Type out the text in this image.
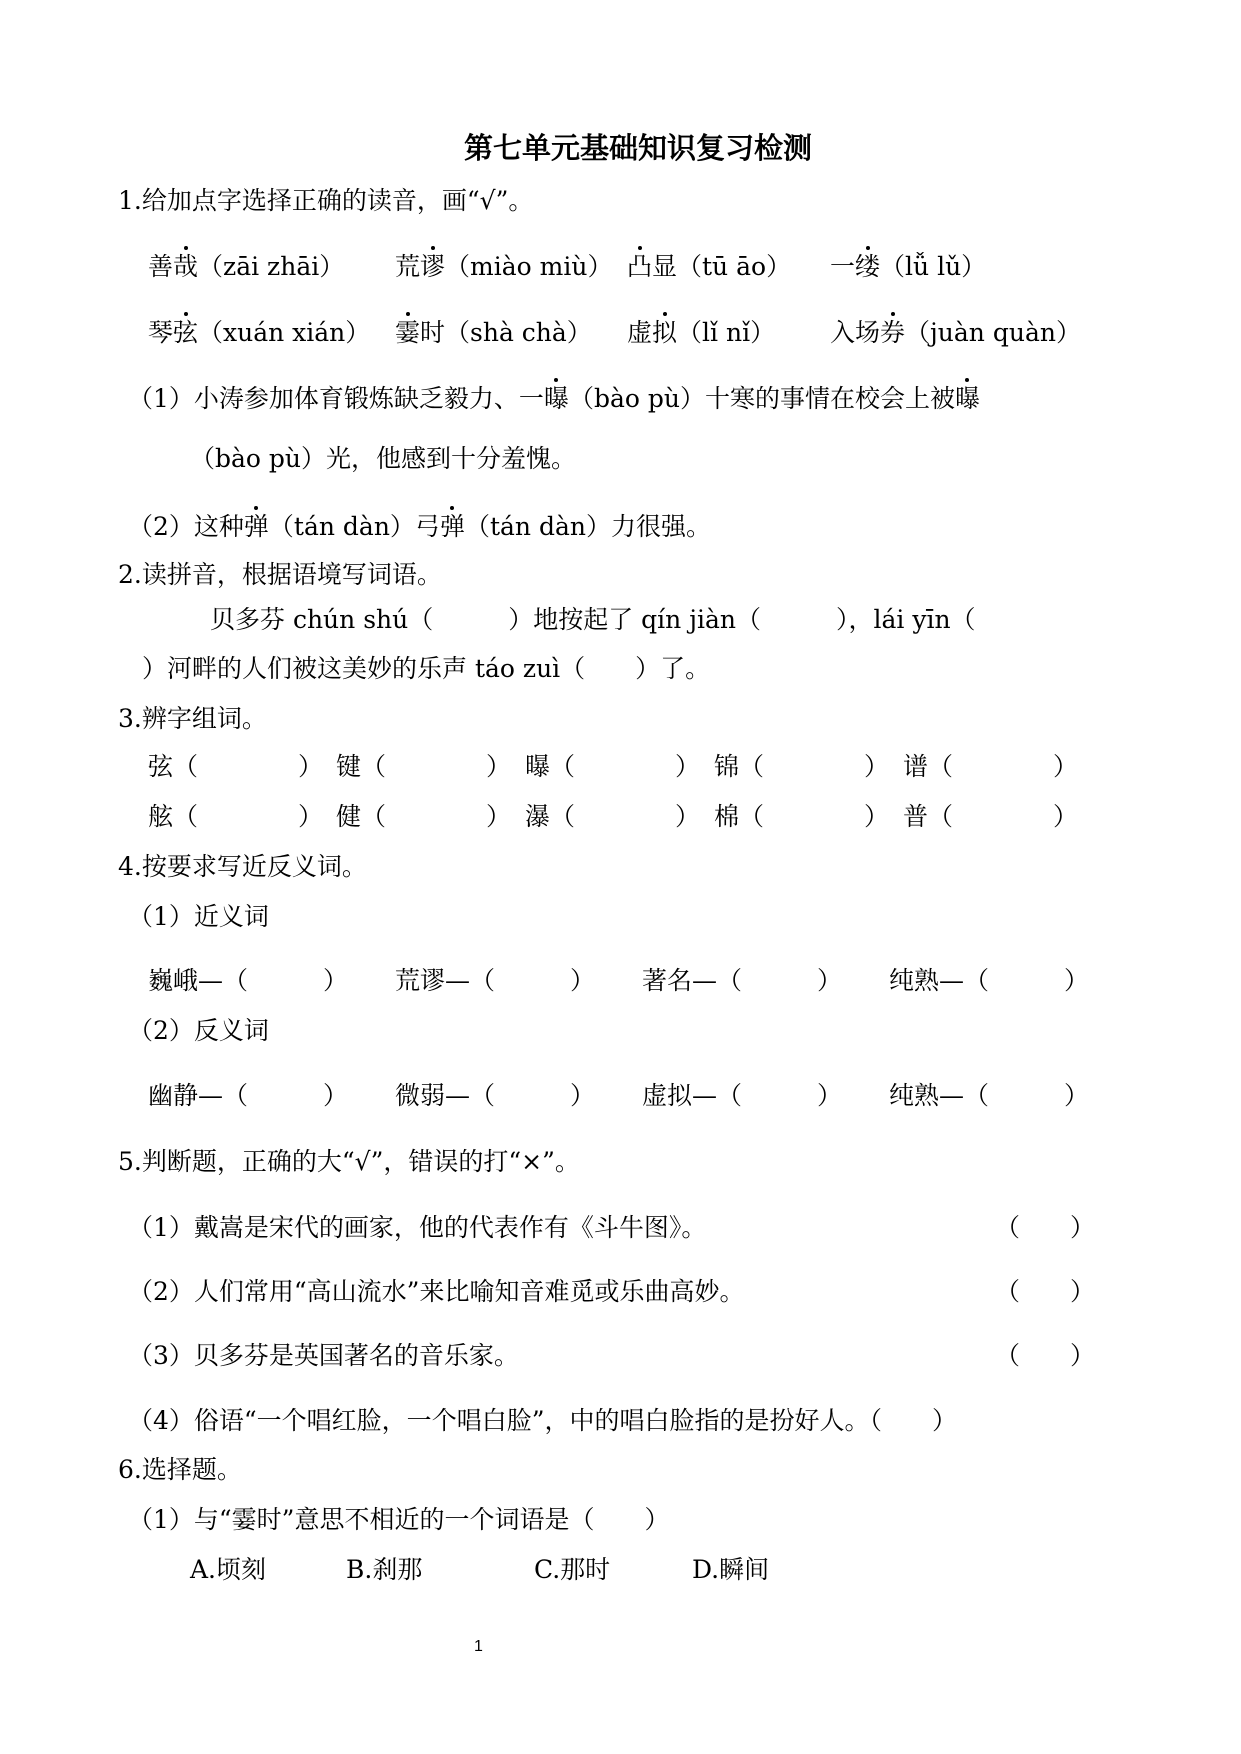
第七单元基础知识复习检测
1.给加点字选择正确的读音，画“√”。
善哉（zāi zhāi） 荒谬（miào miù） 凸显（tū āo） 一缕（lǚ lǔ）
琴弦（xuán xián） 霎时（shà chà） 虚拟（lǐ nǐ） 入场券（juàn quàn）
（1）小涛参加体育锻炼缺乏毅力、一曝（bào pù）十寒的事情在校会上被曝
（bào pù）光，他感到十分羞愧。
（2）这种弹（tán dàn）弓弹（tán dàn）力很强。
2.读拼音，根据语境写词语。
贝多芬 chún shú（　　　）地按起了 qín jiàn（　　　），lái yīn（
）河畔的人们被这美妙的乐声 táo zuì（　　）了。
3.辨字组词。
弦（　　　　） 键（　　　　） 曝（　　　　） 锦（　　　　） 谱（　　　　）
舷（　　　　） 健（　　　　） 瀑（　　　　） 棉（　　　　） 普（　　　　）
4.按要求写近反义词。
（1）近义词
巍峨—（　　　） 荒谬—（　　　） 著名—（　　　） 纯熟—（　　　）
（2）反义词
幽静—（　　　） 微弱—（　　　） 虚拟—（　　　） 纯熟—（　　　）
5.判断题，正确的大“√”，错误的打“×”。
（1）戴嵩是宋代的画家，他的代表作有《斗牛图》。	（　　）
（2）人们常用“高山流水”来比喻知音难觅或乐曲高妙。	（　　）
（3）贝多芬是英国著名的音乐家。	（　　）
（4）俗语“一个唱红脸，一个唱白脸”，中的唱白脸指的是扮好人。（　　）
6.选择题。
（1）与“霎时”意思不相近的一个词语是（　　）
A.顷刻	B.刹那	C.那时	D.瞬间
1
